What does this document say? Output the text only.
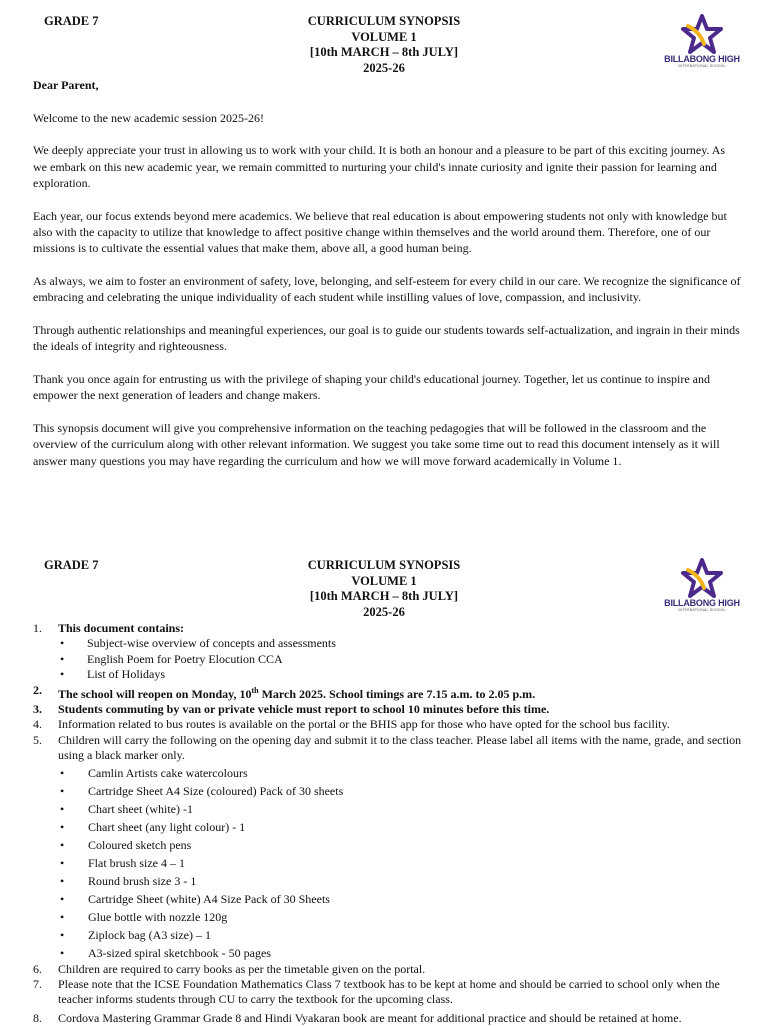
GRADE 7	CURRICULUM SYNOPSIS
VOLUME 1
[10th MARCH – 8th JULY]
2025-26
BILLABONG HIGH
INTERNATIONAL SCHOOL

Dear Parent,

Welcome to the new academic session 2025-26!

We deeply appreciate your trust in allowing us to work with your child. It is both an honour and a pleasure to be part of this exciting journey. As we embark on this new academic year, we remain committed to nurturing your child's innate curiosity and ignite their passion for learning and exploration.

Each year, our focus extends beyond mere academics. We believe that real education is about empowering students not only with knowledge but also with the capacity to utilize that knowledge to affect positive change within themselves and the world around them. Therefore, one of our missions is to cultivate the essential values that make them, above all, a good human being.

As always, we aim to foster an environment of safety, love, belonging, and self-esteem for every child in our care. We recognize the significance of embracing and celebrating the unique individuality of each student while instilling values of love, compassion, and inclusivity.

Through authentic relationships and meaningful experiences, our goal is to guide our students towards self-actualization, and ingrain in their minds the ideals of integrity and righteousness.

Thank you once again for entrusting us with the privilege of shaping your child's educational journey. Together, let us continue to inspire and empower the next generation of leaders and change makers.

This synopsis document will give you comprehensive information on the teaching pedagogies that will be followed in the classroom and the overview of the curriculum along with other relevant information. We suggest you take some time out to read this document intensely as it will answer many questions you may have regarding the curriculum and how we will move forward academically in Volume 1.

GRADE 7	CURRICULUM SYNOPSIS
VOLUME 1
[10th MARCH – 8th JULY]
2025-26
BILLABONG HIGH
INTERNATIONAL SCHOOL
1. This document contains:
• Subject-wise overview of concepts and assessments
• English Poem for Poetry Elocution CCA
• List of Holidays
2. The school will reopen on Monday, 10th March 2025. School timings are 7.15 a.m. to 2.05 p.m.
3. Students commuting by van or private vehicle must report to school 10 minutes before this time.
4. Information related to bus routes is available on the portal or the BHIS app for those who have opted for the school bus facility.
5. Children will carry the following on the opening day and submit it to the class teacher. Please label all items with the name, grade, and section using a black marker only.
• Camlin Artists cake watercolours
• Cartridge Sheet A4 Size (coloured) Pack of 30 sheets
• Chart sheet (white) -1
• Chart sheet (any light colour) - 1
• Coloured sketch pens
• Flat brush size 4 – 1
• Round brush size 3 - 1
• Cartridge Sheet (white) A4 Size Pack of 30 Sheets
• Glue bottle with nozzle 120g
• Ziplock bag (A3 size) – 1
• A3-sized spiral sketchbook - 50 pages
6. Children are required to carry books as per the timetable given on the portal.
7. Please note that the ICSE Foundation Mathematics Class 7 textbook has to be kept at home and should be carried to school only when the teacher informs students through CU to carry the textbook for the upcoming class.
8. Cordova Mastering Grammar Grade 8 and Hindi Vyakaran book are meant for additional practice and should be retained at home.
